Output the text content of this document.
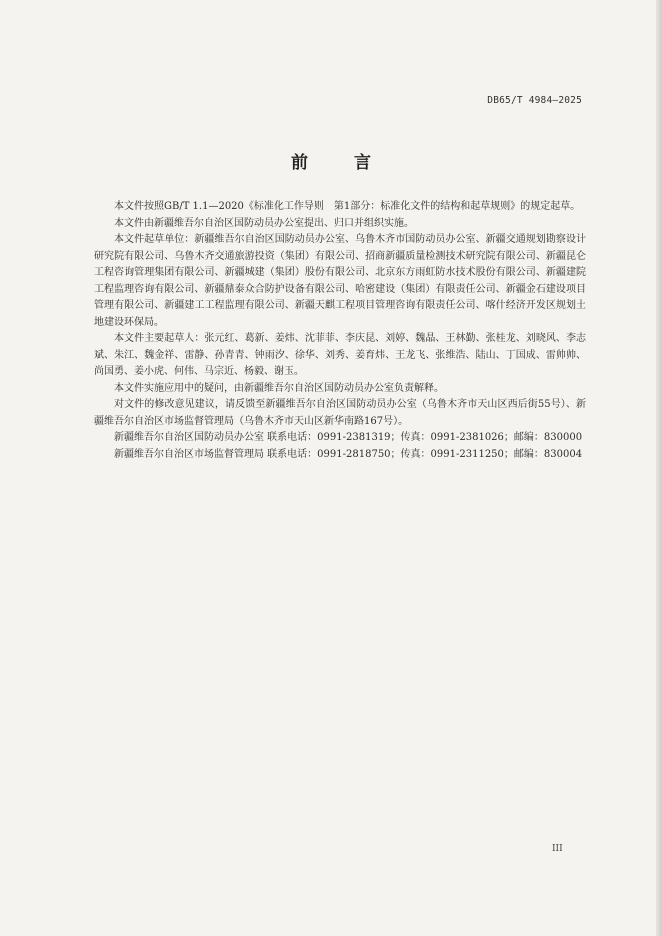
DB65/T 4984—2025
前 言

本文件按照GB/T 1.1—2020《标准化工作导则　第1部分：标准化文件的结构和起草规则》的规定起草。

本文件由新疆维吾尔自治区国防动员办公室提出、归口并组织实施。

本文件起草单位：新疆维吾尔自治区国防动员办公室、乌鲁木齐市国防动员办公室、新疆交通规划勘察设计研究院有限公司、乌鲁木齐交通旅游投资（集团）有限公司、招商新疆质量检测技术研究院有限公司、新疆昆仑工程咨询管理集团有限公司、新疆城建（集团）股份有限公司、北京东方雨虹防水技术股份有限公司、新疆建院工程监理咨询有限公司、新疆鼎泰众合防护设备有限公司、哈密建设（集团）有限责任公司、新疆金石建设项目管理有限公司、新疆建工工程监理有限公司、新疆天麒工程项目管理咨询有限责任公司、喀什经济开发区规划土地建设环保局。

本文件主要起草人：张元红、葛新、姜炜、沈菲菲、李庆昆、刘婷、魏晶、王林勤、张桂龙、刘晓风、李志斌、朱江、魏金祥、雷静、孙青青、钟雨汐、徐华、刘秀、姜育炜、王龙飞、张维浩、陆山、丁国成、雷帅帅、尚国勇、姜小虎、何伟、马宗近、杨毅、谢玉。

本文件实施应用中的疑问，由新疆维吾尔自治区国防动员办公室负责解释。

对文件的修改意见建议，请反馈至新疆维吾尔自治区国防动员办公室（乌鲁木齐市天山区西后街55号）、新疆维吾尔自治区市场监督管理局（乌鲁木齐市天山区新华南路167号）。

新疆维吾尔自治区国防动员办公室 联系电话：0991-2381319；传真：0991-2381026；邮编：830000

新疆维吾尔自治区市场监督管理局 联系电话：0991-2818750；传真：0991-2311250；邮编：830004

III
